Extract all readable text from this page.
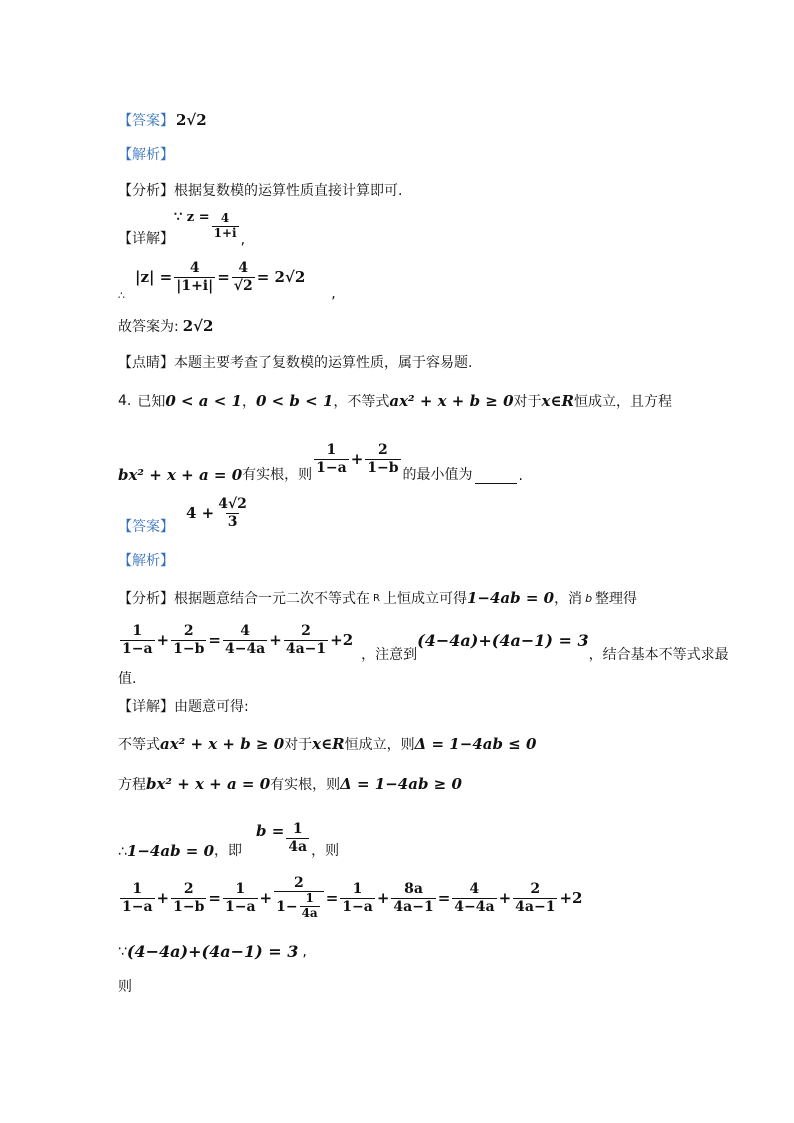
【答案】 2√2
【解析】
【分析】 根据复数模的运算性质直接计算即可.
【详解】
∵ $z = \frac{4}{1+i}$ ,
∴
$|z| = \frac{4}{|1+i|} = \frac{4}{√2} = 2√2$
,
故答案为: 2√2
【点睛】 本题主要考查了复数模的运算性质，属于容易题.
4. 已知 0 < a < 1 ， 0 < b < 1 ，不等式 ax² + x + b ≥ 0 对于 x∈R 恒成立，且方程
bx² + x + a = 0 有实根，则 $\frac{1}{1-a} + \frac{2}{1-b}$ 的最小值为	.
【答案】
$4 + \frac{4√2}{3}$
【解析】
【分析】 根据题意结合一元二次不等式在 R 上恒成立可得 1−4ab = 0 ，消 b 整理得
$\frac{1}{1-a} + \frac{2}{1-b} = \frac{4}{4-4a} + \frac{2}{4a-1} +2$
，注意到
(4−4a)+(4a−1) = 3
，结合基本不等式求最
值.
【详解】 由题意可得:
不等式 ax² + x + b ≥ 0 对于 x∈R 恒成立，则 Δ = 1−4ab ≤ 0
方程 bx² + x + a = 0 有实根，则 Δ = 1−4ab ≥ 0
∴ 1−4ab = 0 ，即
$b = \frac{1}{4a}$ ，则
$\frac{1}{1-a} + \frac{2}{1-b} = \frac{1}{1-a} + \frac{2}{1- \frac{1}{4a}} = \frac{1}{1-a} + \frac{8a}{4a-1} = \frac{4}{4-4a} + \frac{2}{4a-1} +2$
∵ (4−4a)+(4a−1) = 3 ,
则
